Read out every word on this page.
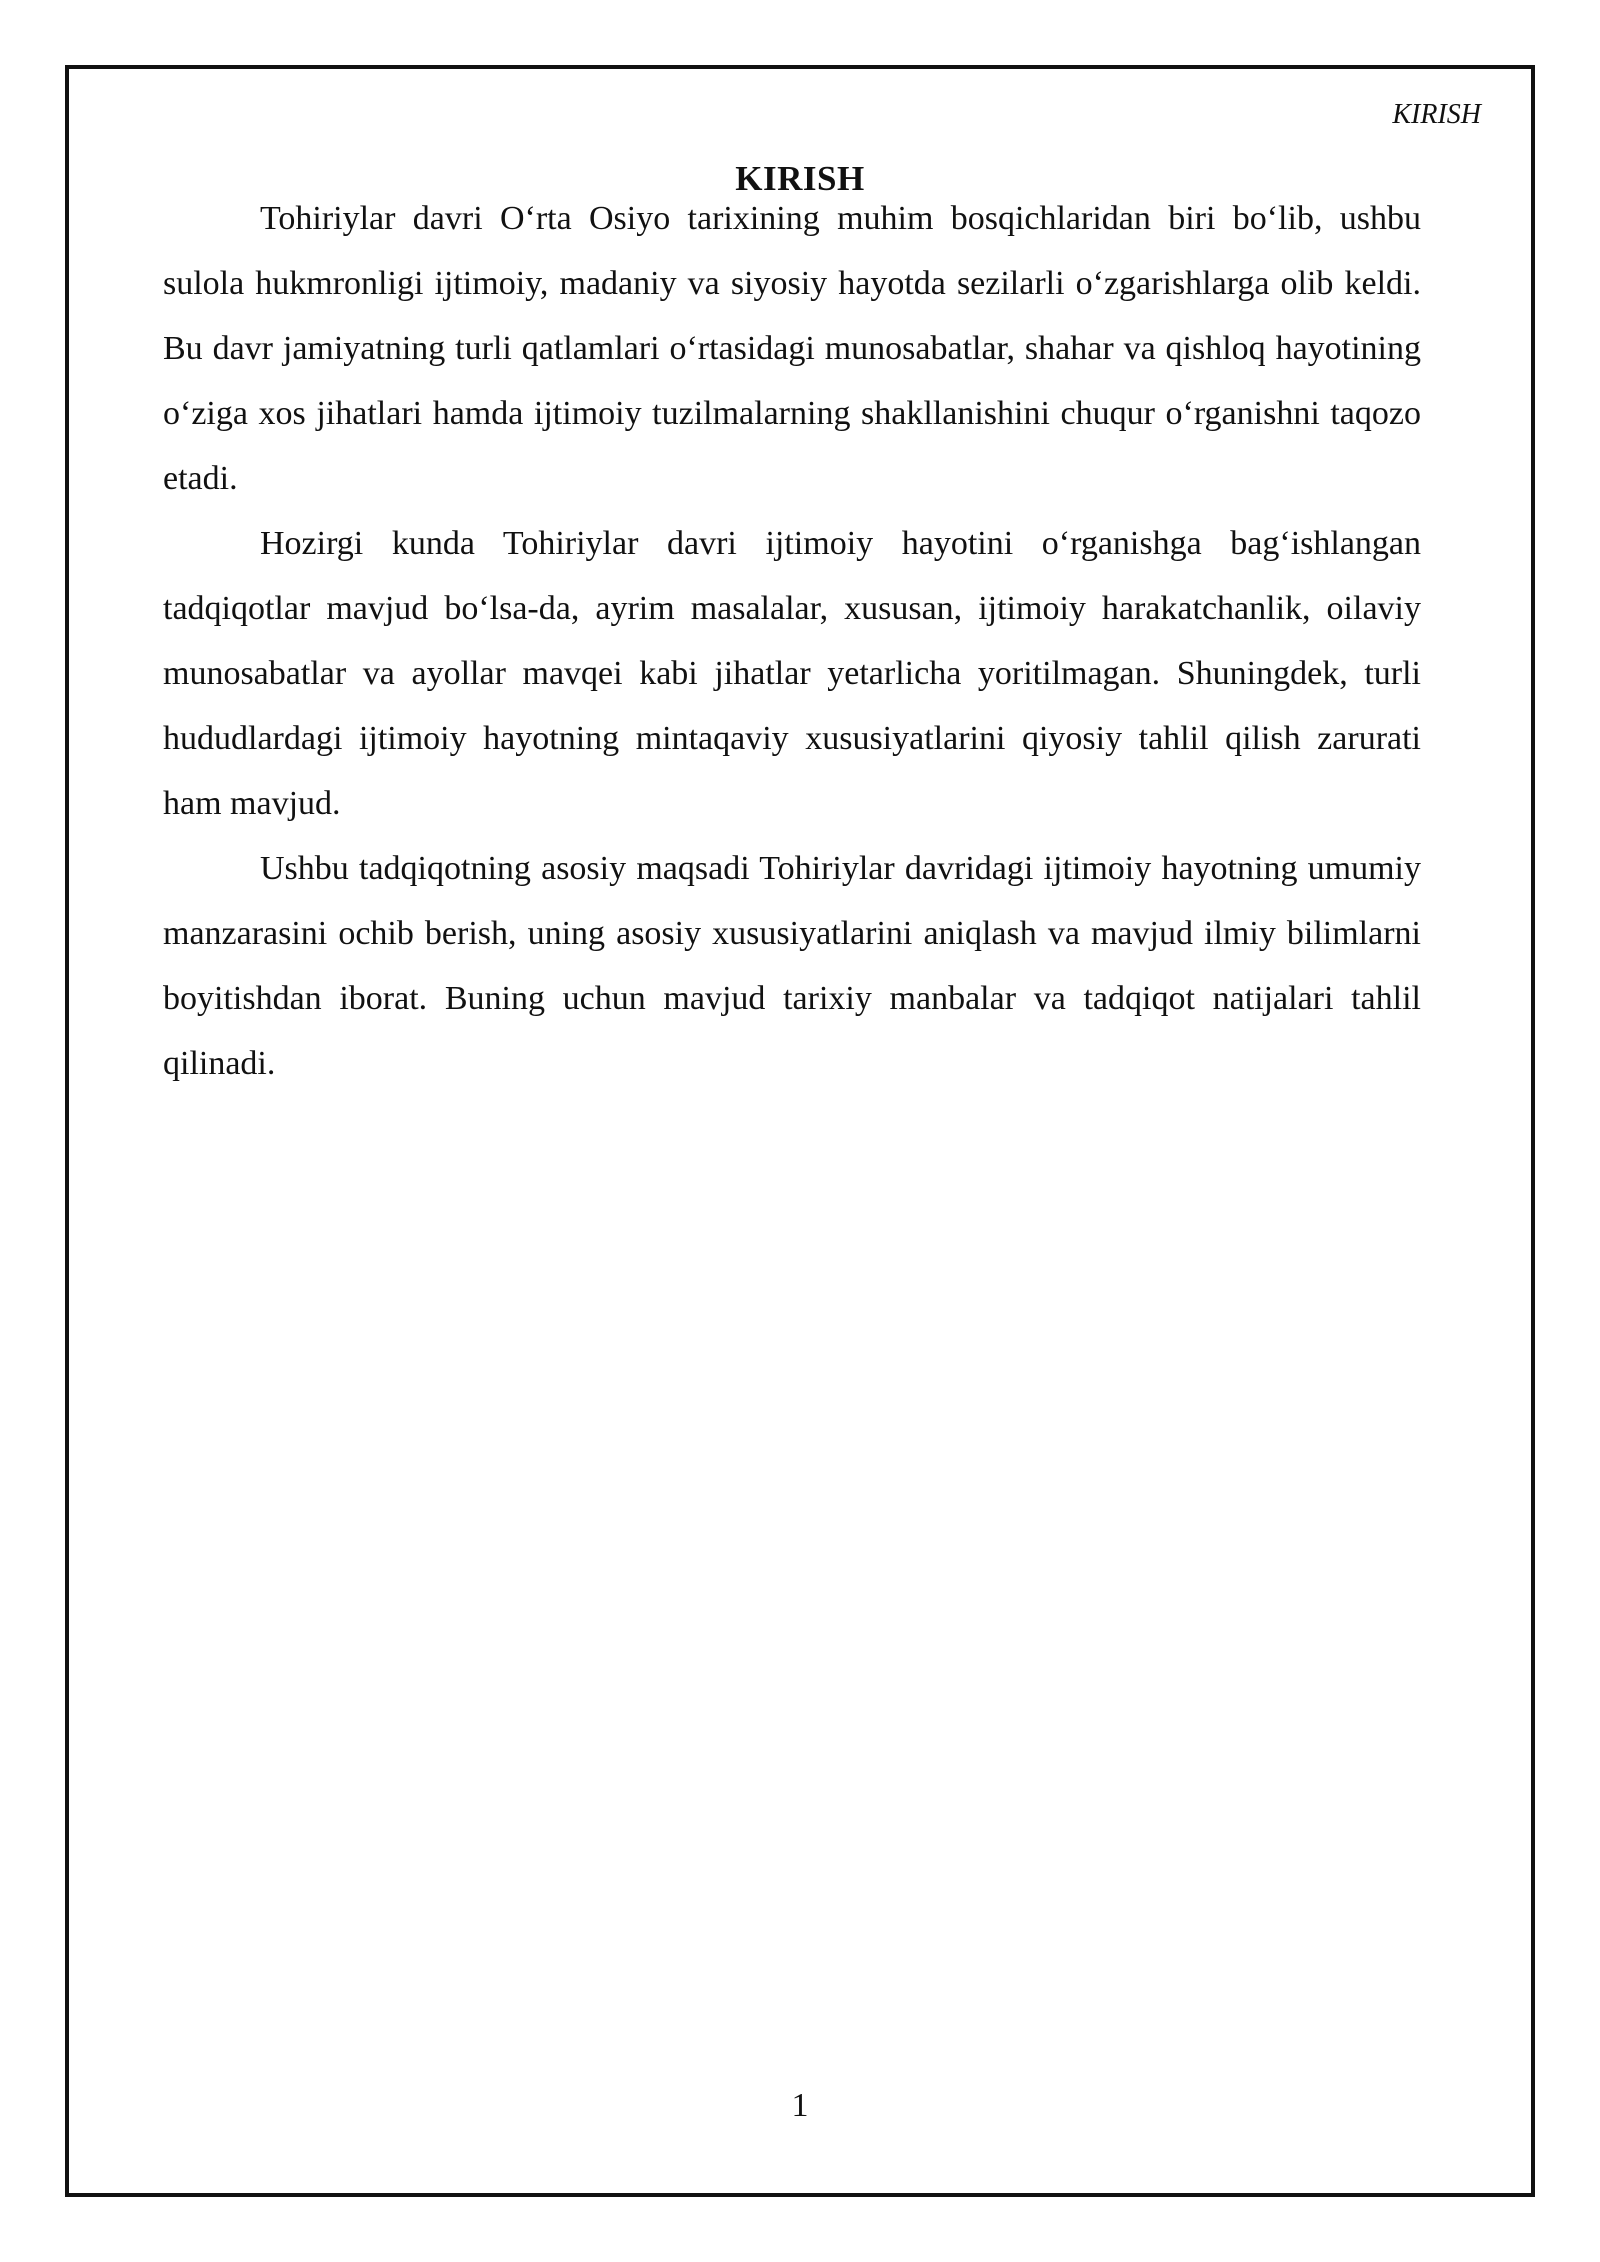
KIRISH
KIRISH
1

Tohiriylar davri O‘rta Osiyo tarixining muhim bosqichlaridan biri bo‘lib, ushbu sulola hukmronligi ijtimoiy, madaniy va siyosiy hayotda sezilarli o‘zgarishlarga olib keldi. Bu davr jamiyatning turli qatlamlari o‘rtasidagi munosabatlar, shahar va qishloq hayotining o‘ziga xos jihatlari hamda ijtimoiy tuzilmalarning shakllanishini chuqur o‘rganishni taqozo etadi.

Hozirgi kunda Tohiriylar davri ijtimoiy hayotini o‘rganishga bag‘ishlangan tadqiqotlar mavjud bo‘lsa-da, ayrim masalalar, xususan, ijtimoiy harakatchanlik, oilaviy munosabatlar va ayollar mavqei kabi jihatlar yetarlicha yoritilmagan. Shuningdek, turli hududlardagi ijtimoiy hayotning mintaqaviy xususiyatlarini qiyosiy tahlil qilish zarurati ham mavjud.

Ushbu tadqiqotning asosiy maqsadi Tohiriylar davridagi ijtimoiy hayotning umumiy manzarasini ochib berish, uning asosiy xususiyatlarini aniqlash va mavjud ilmiy bilimlarni boyitishdan iborat. Buning uchun mavjud tarixiy manbalar va tadqiqot natijalari tahlil qilinadi.
